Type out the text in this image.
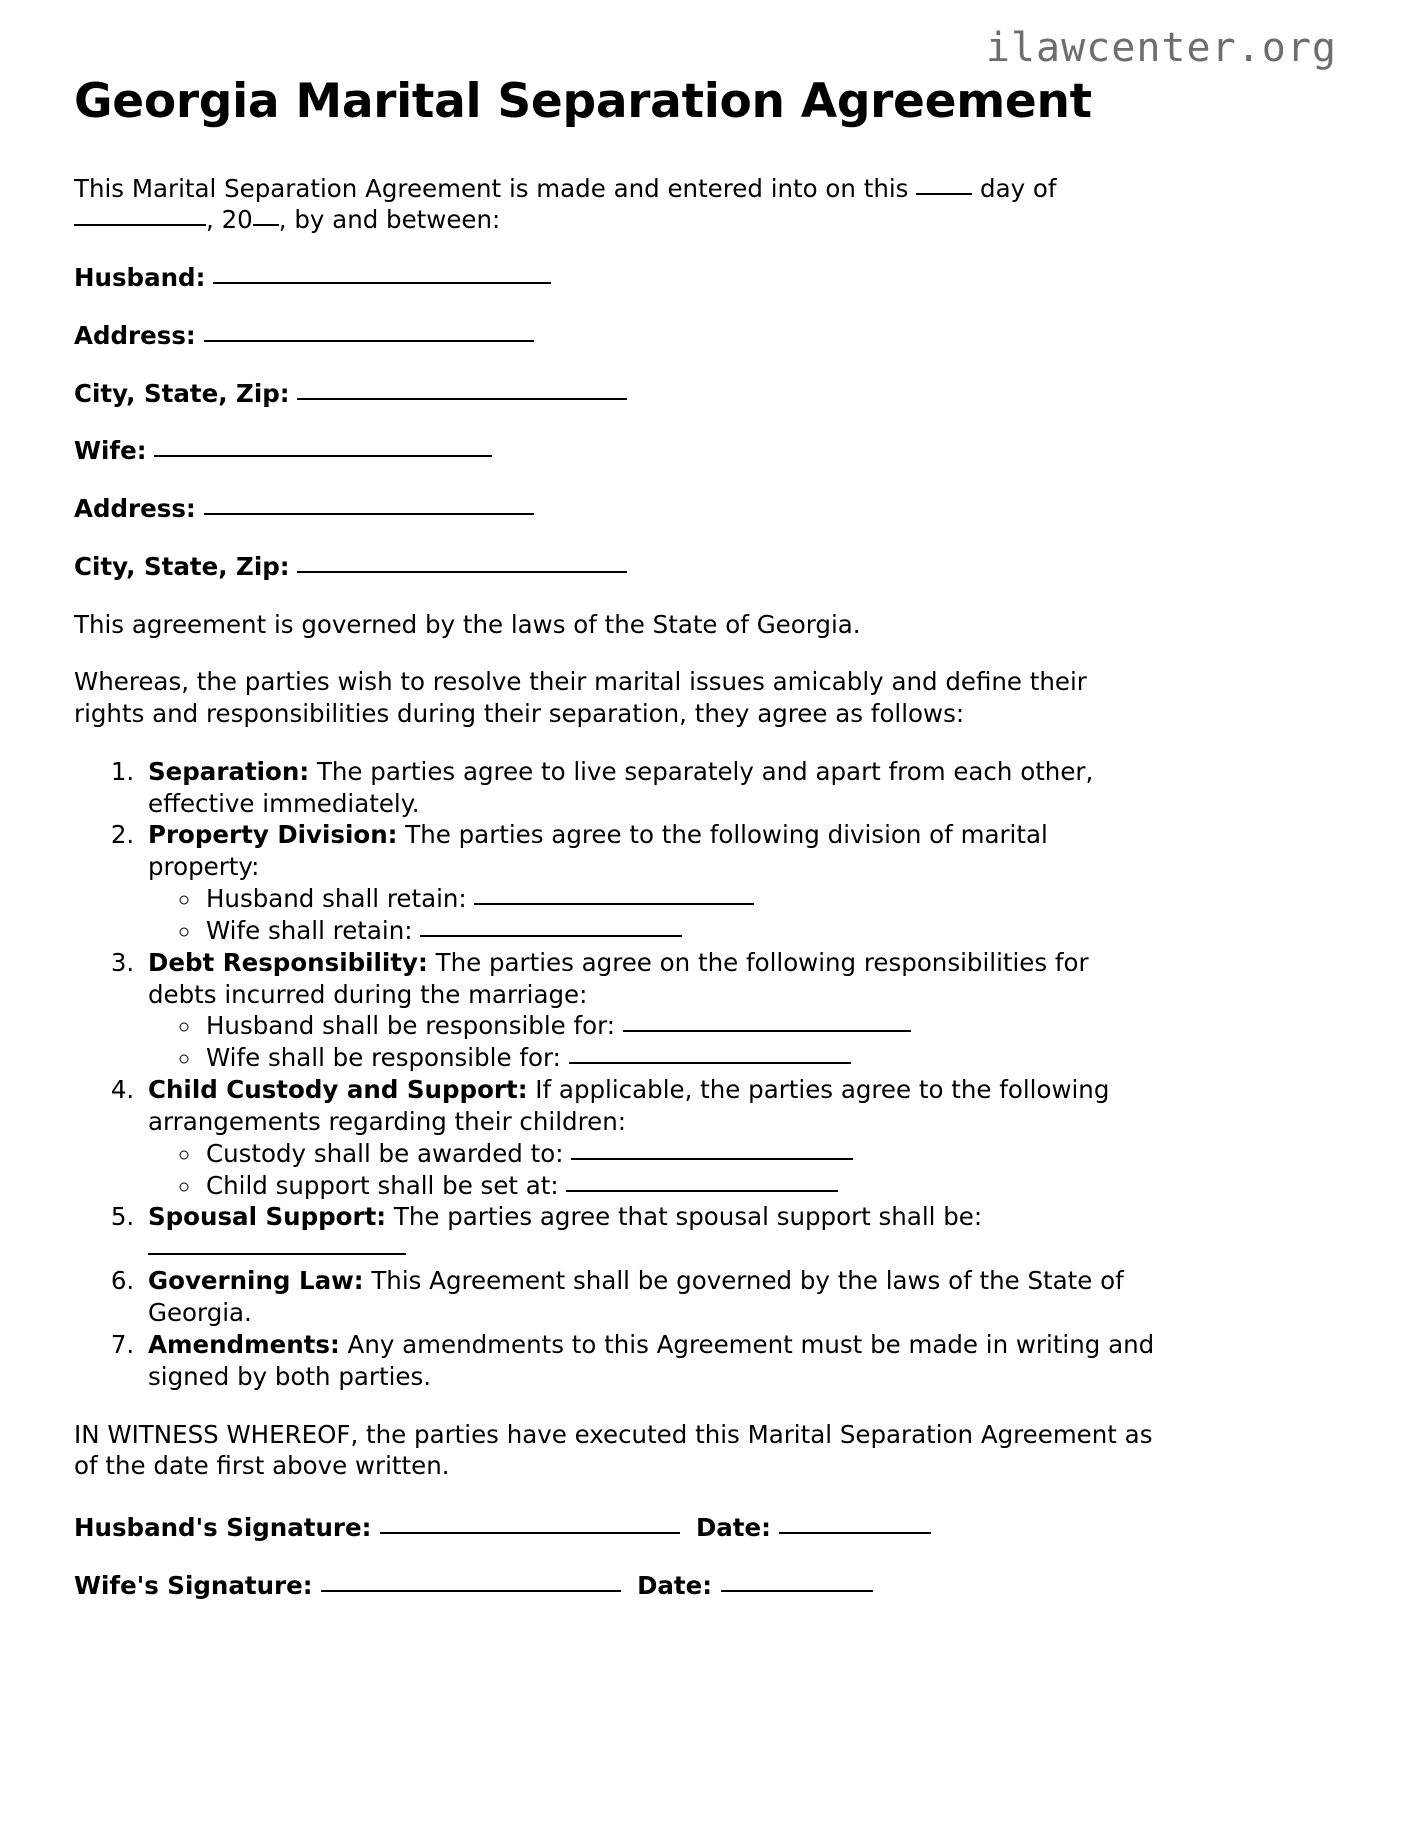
ilawcenter.org
Georgia Marital Separation Agreement

This Marital Separation Agreement is made and entered into on this  day of , 20 , by and between:

Husband:
Address:
City, State, Zip:
Wife:
Address:
City, State, Zip:

This agreement is governed by the laws of the State of Georgia.

Whereas, the parties wish to resolve their marital issues amicably and define their rights and responsibilities during their separation, they agree as follows:

1. Separation: The parties agree to live separately and apart from each other, effective immediately.
2. Property Division: The parties agree to the following division of marital property:
◦ Husband shall retain:
◦ Wife shall retain:
3. Debt Responsibility: The parties agree on the following responsibilities for debts incurred during the marriage:
◦ Husband shall be responsible for:
◦ Wife shall be responsible for:
4. Child Custody and Support: If applicable, the parties agree to the following arrangements regarding their children:
◦ Custody shall be awarded to:
◦ Child support shall be set at:
5. Spousal Support: The parties agree that spousal support shall be:
6. Governing Law: This Agreement shall be governed by the laws of the State of Georgia.
7. Amendments: Any amendments to this Agreement must be made in writing and signed by both parties.

IN WITNESS WHEREOF, the parties have executed this Marital Separation Agreement as of the date first above written.

Husband's Signature:	Date:
Wife's Signature:	Date:
